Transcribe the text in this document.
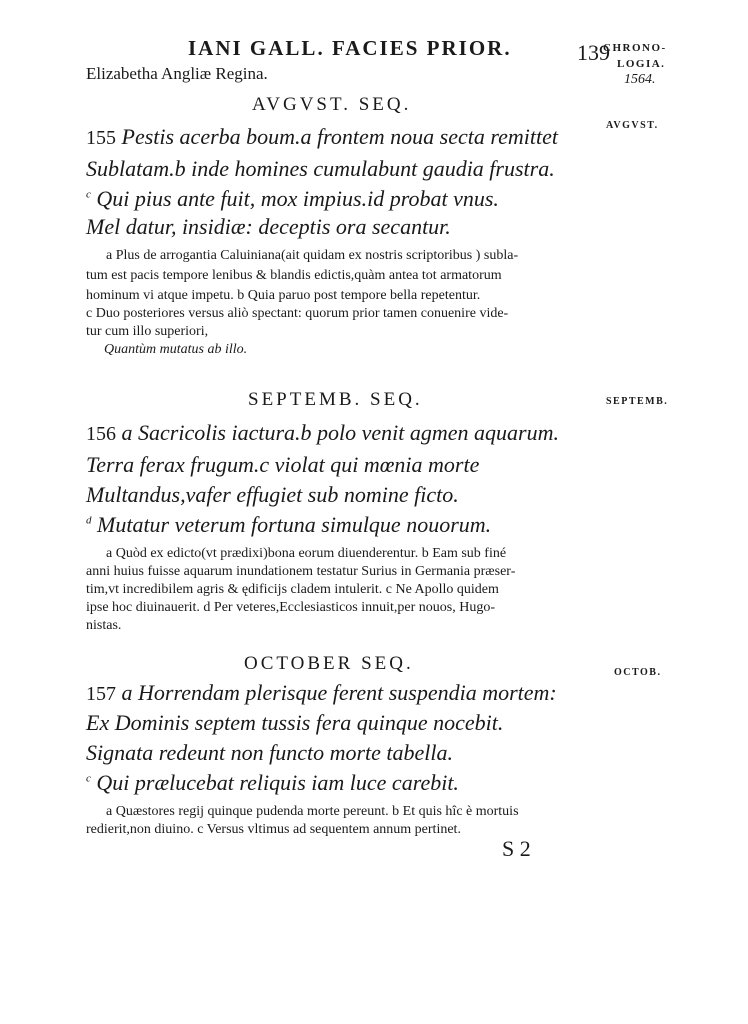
IANI GALL. FACIES PRIOR.	139
CHRONO-
LOGIA.
1564.
Elizabetha Angliæ Regina.
AVGVST. SEQ.
AVGVST.
155 Pestis acerba boum.a frontem noua secta remittet
Sublatam.b inde homines cumulabunt gaudia frustra.
$^c$ Qui pius ante fuit, mox impius.id probat vnus.
Mel datur, insidiæ: deceptis ora secantur.
a Plus de arrogantia Caluiniana(ait quidam ex nostris scriptoribus ) subla-
tum est pacis tempore lenibus & blandis edictis,quàm antea tot armatorum
hominum vi atque impetu. b Quia paruo post tempore bella repetentur.
c Duo posteriores versus aliò spectant: quorum prior tamen conuenire vide-
tur cum illo superiori,
Quantùm mutatus ab illo.
SEPTEMB. SEQ.	SEPTEMB.
156 a Sacricolis iactura.b polo venit agmen aquarum.
Terra ferax frugum.c violat qui mœnia morte
Multandus,vafer effugiet sub nomine ficto.
$^d$ Mutatur veterum fortuna simulque nouorum.
a Quòd ex edicto(vt prædixi)bona eorum diuenderentur. b Eam sub finé
anni huius fuisse aquarum inundationem testatur Surius in Germania præser-
tim,vt incredibilem agris & ędificijs cladem intulerit. c Ne Apollo quidem
ipse hoc diuinauerit. d Per veteres,Ecclesiasticos innuit,per nouos, Hugo-
nistas.
OCTOBER SEQ.	OCTOB.
157 a Horrendam plerisque ferent suspendia mortem:
Ex Dominis septem tussis fera quinque nocebit.
Signata redeunt non functo morte tabella.
$^c$ Qui prælucebat reliquis iam luce carebit.
a Quæstores regij quinque pudenda morte pereunt. b Et quis hîc è mortuis
redierit,non diuino. c Versus vltimus ad sequentem annum pertinet.
S 2
